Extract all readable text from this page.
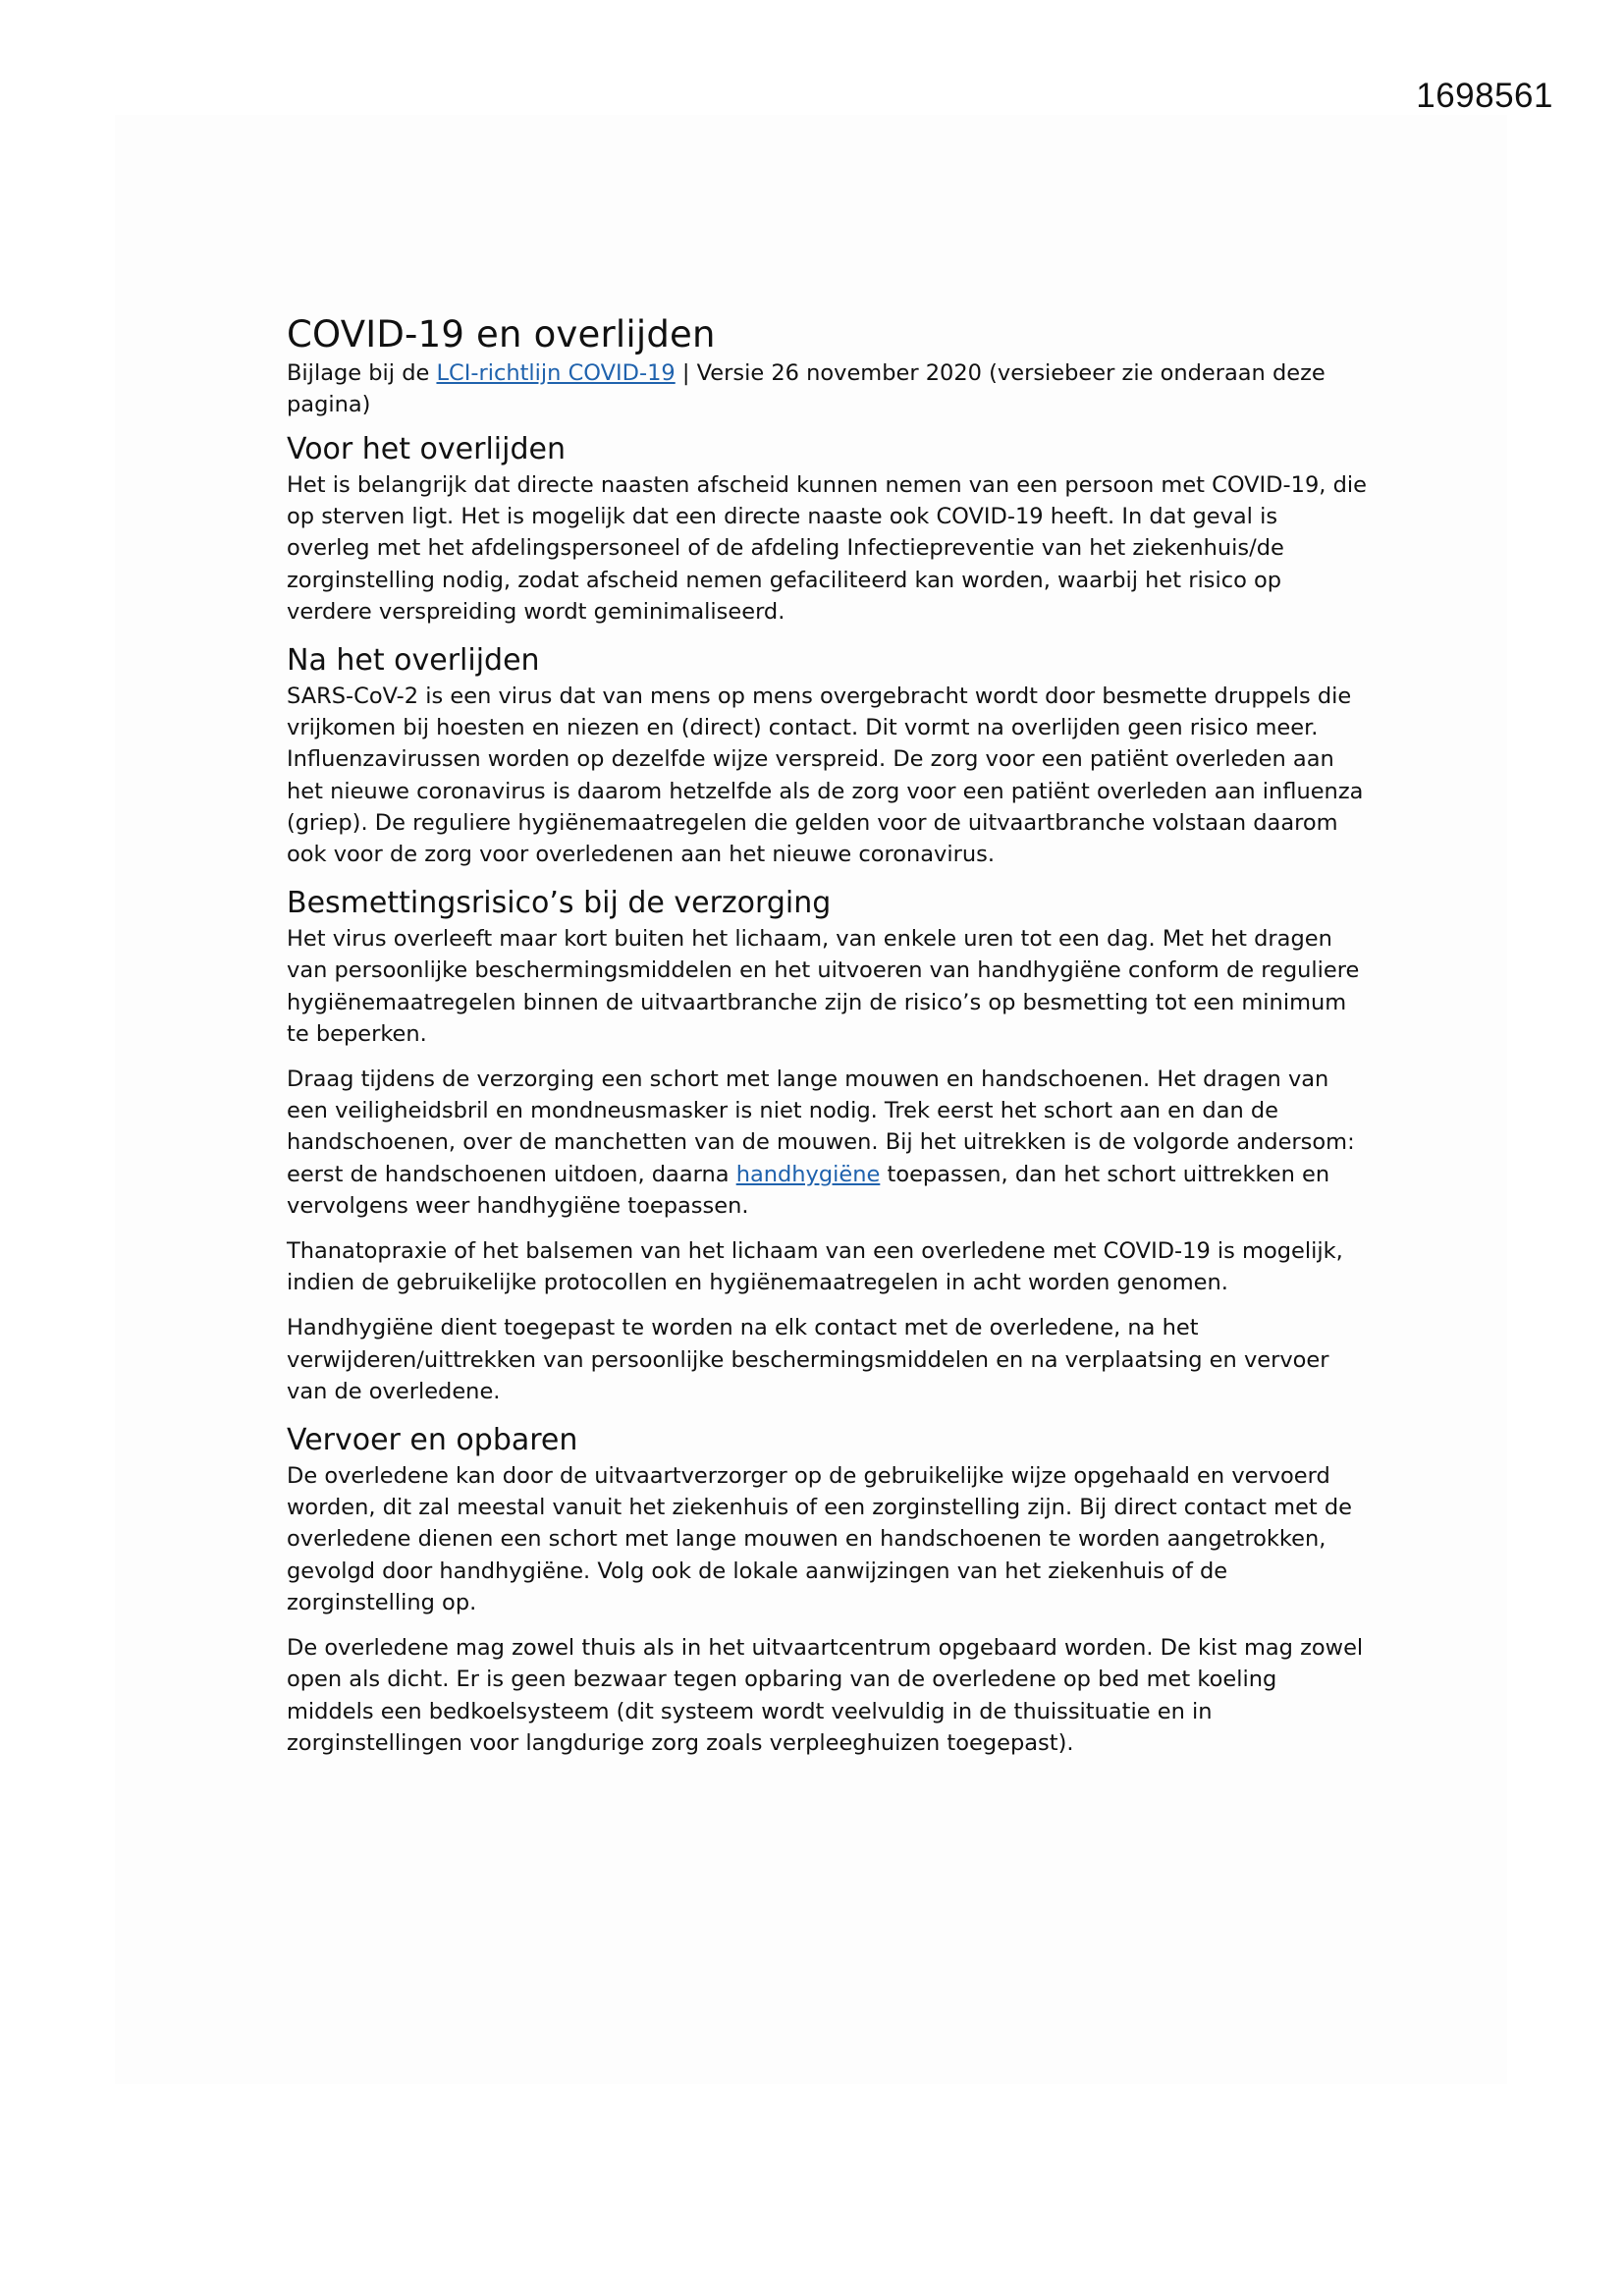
1698561
COVID-19 en overlijden
Bijlage bij de LCI-richtlijn COVID-19 | Versie 26 november 2020 (versiebeer zie onderaan deze pagina)
Voor het overlijden

Het is belangrijk dat directe naasten afscheid kunnen nemen van een persoon met COVID-19, die op sterven ligt. Het is mogelijk dat een directe naaste ook COVID-19 heeft. In dat geval is overleg met het afdelingspersoneel of de afdeling Infectiepreventie van het ziekenhuis/de zorginstelling nodig, zodat afscheid nemen gefaciliteerd kan worden, waarbij het risico op verdere verspreiding wordt geminimaliseerd.

Na het overlijden

SARS-CoV-2 is een virus dat van mens op mens overgebracht wordt door besmette druppels die vrijkomen bij hoesten en niezen en (direct) contact. Dit vormt na overlijden geen risico meer. Influenzavirussen worden op dezelfde wijze verspreid. De zorg voor een patiënt overleden aan het nieuwe coronavirus is daarom hetzelfde als de zorg voor een patiënt overleden aan influenza (griep). De reguliere hygiënemaatregelen die gelden voor de uitvaartbranche volstaan daarom ook voor de zorg voor overledenen aan het nieuwe coronavirus.

Besmettingsrisico’s bij de verzorging

Het virus overleeft maar kort buiten het lichaam, van enkele uren tot een dag. Met het dragen van persoonlijke beschermingsmiddelen en het uitvoeren van handhygiëne conform de reguliere hygiënemaatregelen binnen de uitvaartbranche zijn de risico’s op besmetting tot een minimum te beperken.

Draag tijdens de verzorging een schort met lange mouwen en handschoenen. Het dragen van een veiligheidsbril en mondneusmasker is niet nodig. Trek eerst het schort aan en dan de handschoenen, over de manchetten van de mouwen. Bij het uitrekken is de volgorde andersom: eerst de handschoenen uitdoen, daarna handhygiëne toepassen, dan het schort uittrekken en vervolgens weer handhygiëne toepassen.

Thanatopraxie of het balsemen van het lichaam van een overledene met COVID-19 is mogelijk, indien de gebruikelijke protocollen en hygiënemaatregelen in acht worden genomen.

Handhygiëne dient toegepast te worden na elk contact met de overledene, na het verwijderen/uittrekken van persoonlijke beschermingsmiddelen en na verplaatsing en vervoer van de overledene.

Vervoer en opbaren

De overledene kan door de uitvaartverzorger op de gebruikelijke wijze opgehaald en vervoerd worden, dit zal meestal vanuit het ziekenhuis of een zorginstelling zijn. Bij direct contact met de overledene dienen een schort met lange mouwen en handschoenen te worden aangetrokken, gevolgd door handhygiëne. Volg ook de lokale aanwijzingen van het ziekenhuis of de zorginstelling op.

De overledene mag zowel thuis als in het uitvaartcentrum opgebaard worden. De kist mag zowel open als dicht. Er is geen bezwaar tegen opbaring van de overledene op bed met koeling middels een bedkoelsysteem (dit systeem wordt veelvuldig in de thuissituatie en in zorginstellingen voor langdurige zorg zoals verpleeghuizen toegepast).
